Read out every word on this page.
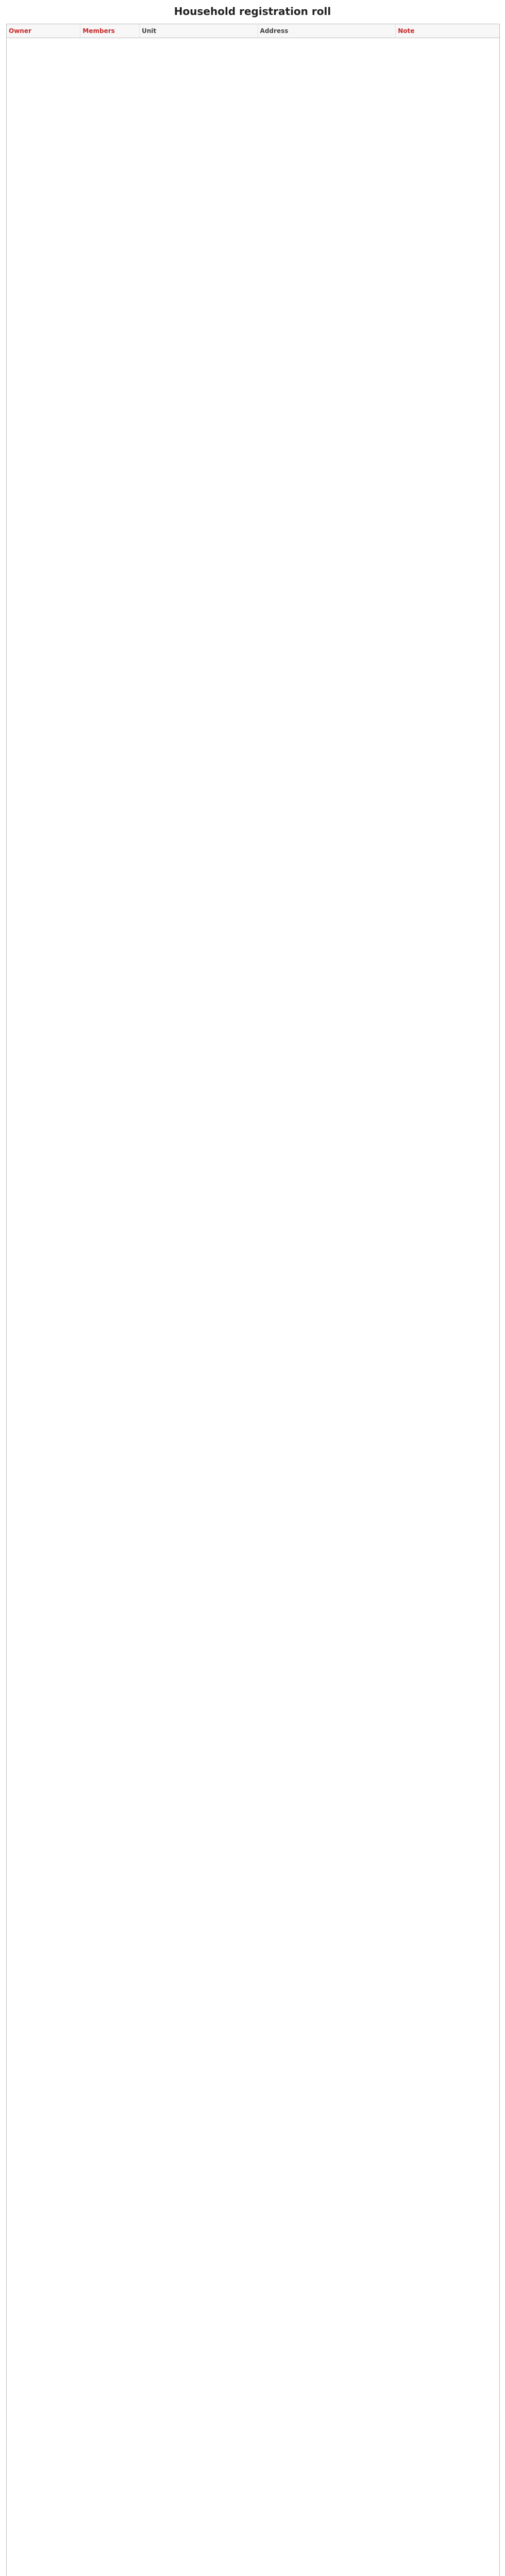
Household registration roll
Owner	Members	Unit	Address	Note
